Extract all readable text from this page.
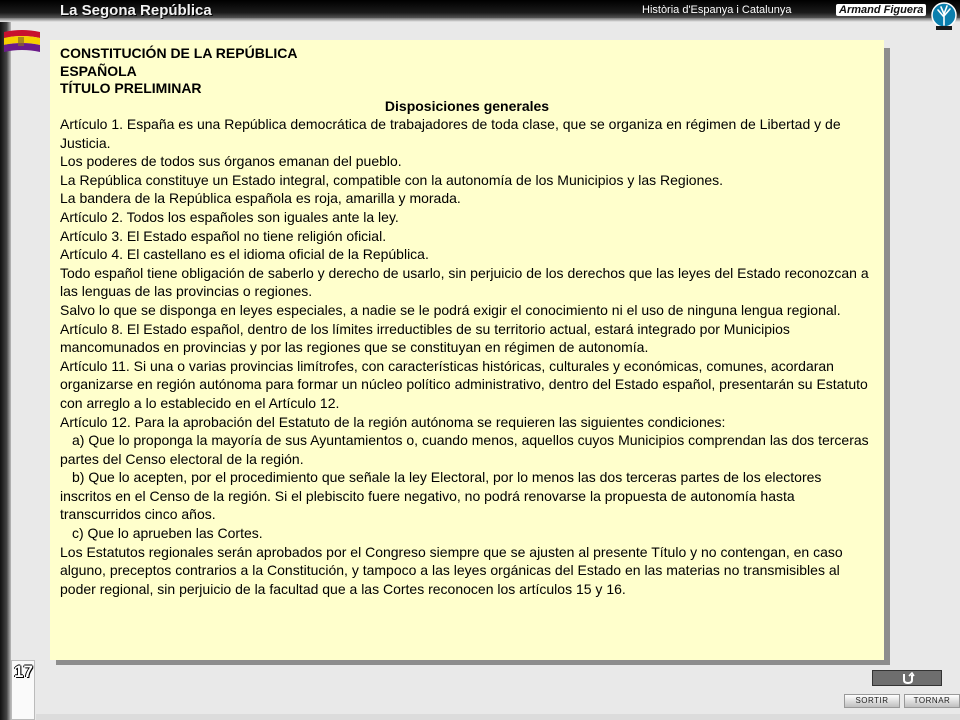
La Segona República	Història d'Espanya i Catalunya	Armand Figuera
17

CONSTITUCIÓN DE LA REPÚBLICA

ESPAÑOLA

TÍTULO PRELIMINAR

Disposiciones generales

Artículo 1. España es una República democrática de trabajadores de toda clase, que se organiza en régimen de Libertad y de Justicia.

Los poderes de todos sus órganos emanan del pueblo.

La República constituye un Estado integral, compatible con la autonomía de los Municipios y las Regiones.

La bandera de la República española es roja, amarilla y morada.

Artículo 2. Todos los españoles son iguales ante la ley.

Artículo 3. El Estado español no tiene religión oficial.

Artículo 4. El castellano es el idioma oficial de la República.

Todo español tiene obligación de saberlo y derecho de usarlo, sin perjuicio de los derechos que las leyes del Estado reconozcan a las lenguas de las provincias o regiones.

Salvo lo que se disponga en leyes especiales, a nadie se le podrá exigir el conocimiento ni el uso de ninguna lengua regional.

Artículo 8. El Estado español, dentro de los límites irreductibles de su territorio actual, estará integrado por Municipios mancomunados en provincias y por las regiones que se constituyan en régimen de autonomía.

Artículo 11. Si una o varias provincias limítrofes, con características históricas, culturales y económicas, comunes, acordaran organizarse en región autónoma para formar un núcleo político administrativo, dentro del Estado español, presentarán su Estatuto con arreglo a lo establecido en el Artículo 12.

Artículo 12. Para la aprobación del Estatuto de la región autónoma se requieren las siguientes condiciones:

a) Que lo proponga la mayoría de sus Ayuntamientos o, cuando menos, aquellos cuyos Municipios comprendan las dos terceras partes del Censo electoral de la región.

b) Que lo acepten, por el procedimiento que señale la ley Electoral, por lo menos las dos terceras partes de los electores inscritos en el Censo de la región. Si el plebiscito fuere negativo, no podrá renovarse la propuesta de autonomía hasta transcurridos cinco años.

c) Que lo aprueben las Cortes.

Los Estatutos regionales serán aprobados por el Congreso siempre que se ajusten al presente Título y no contengan, en caso alguno, preceptos contrarios a la Constitución, y tampoco a las leyes orgánicas del Estado en las materias no transmisibles al poder regional, sin perjuicio de la facultad que a las Cortes reconocen los artículos 15 y 16.

SORTIR	TORNAR
